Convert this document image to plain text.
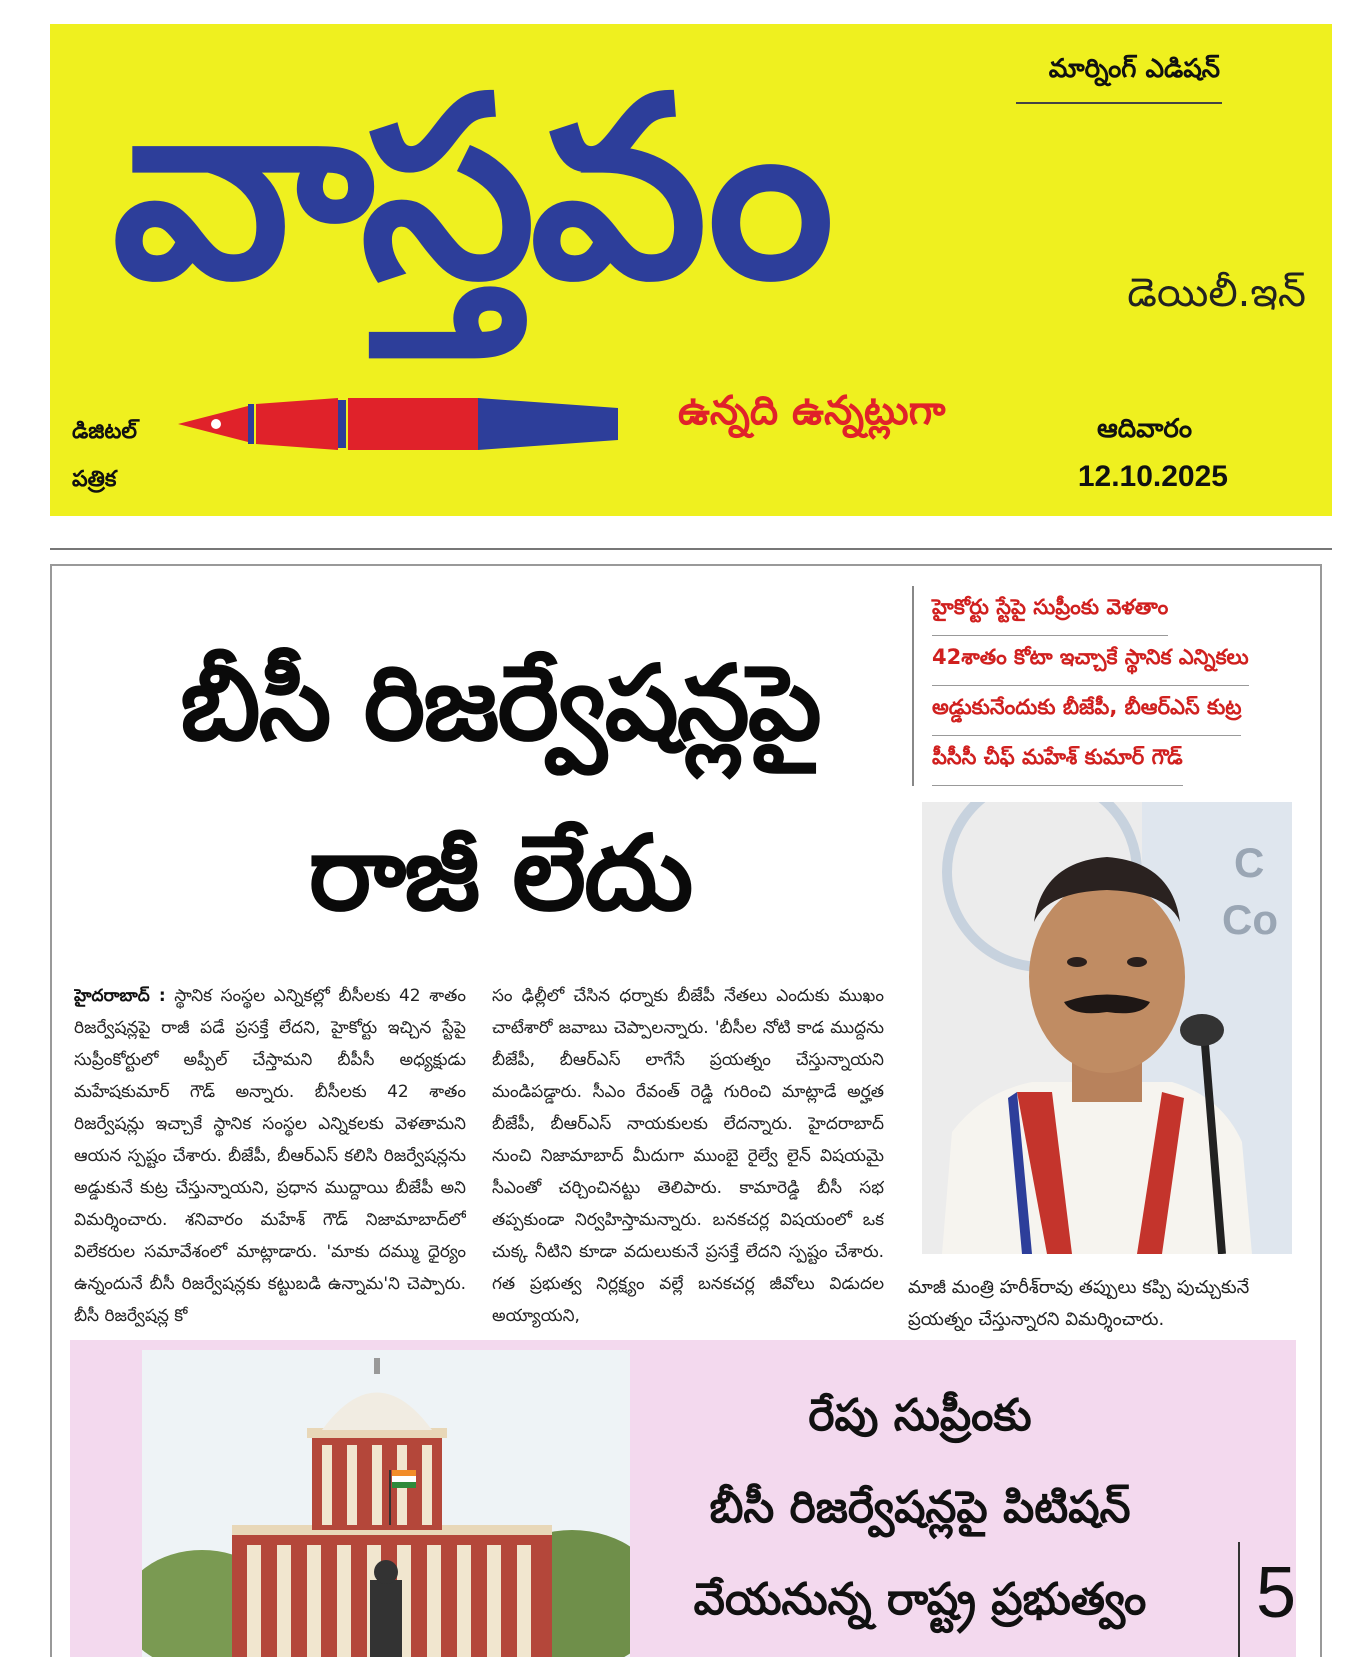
మార్నింగ్ ఎడిషన్
వాస్తవం	డెయిలీ.ఇన్
డిజిటల్
పత్రిక
ఉన్నది ఉన్నట్లుగా	ఆదివారం
12.10.2025
బీసీ రిజర్వేషన్లపై
రాజీ లేదు
హైకోర్టు స్టేపై సుప్రీంకు వెళతాం
42శాతం కోటా ఇచ్చాకే స్థానిక ఎన్నికలు
అడ్డుకునేందుకు బీజేపీ, బీఆర్ఎస్ కుట్ర
పీసీసీ చీఫ్ మహేశ్ కుమార్ గౌడ్
హైదరాబాద్ : స్థానిక సంస్థల ఎన్నికల్లో బీసీలకు 42 శాతం రిజర్వేషన్లపై రాజీ పడే ప్రసక్తే లేదని, హైకోర్టు ఇచ్చిన స్టేపై సుప్రీంకోర్టులో అప్పీల్ చేస్తామని బీపీసీ అధ్యక్షుడు మహేషకుమార్ గౌడ్ అన్నారు. బీసీలకు 42 శాతం రిజర్వేషన్లు ఇచ్చాకే స్థానిక సంస్థల ఎన్నికలకు వెళతామని ఆయన స్పష్టం చేశారు. బీజేపీ, బీఆర్ఎస్ కలిసి రిజర్వేషన్లను అడ్డుకునే కుట్ర చేస్తున్నాయని, ప్రధాన ముద్దాయి బీజేపీ అని విమర్శించారు. శనివారం మహేశ్ గౌడ్ నిజామాబాద్‌లో విలేకరుల సమావేశంలో మాట్లాడారు. 'మాకు దమ్ము ధైర్యం ఉన్నందునే బీసీ రిజర్వేషన్లకు కట్టుబడి ఉన్నామ'ని చెప్పారు. బీసీ రిజర్వేషన్ల కో
సం ఢిల్లీలో చేసిన ధర్నాకు బీజేపీ నేతలు ఎందుకు ముఖం చాటేశారో జవాబు చెప్పాలన్నారు. 'బీసీల నోటి కాడ ముద్దను బీజేపీ, బీఆర్ఎస్ లాగేసే ప్రయత్నం చేస్తున్నాయని మండిపడ్డారు. సీఎం రేవంత్ రెడ్డి గురించి మాట్లాడే అర్హత బీజేపీ, బీఆర్ఎస్ నాయకులకు లేదన్నారు. హైదరాబాద్ నుంచి నిజామాబాద్ మీదుగా ముంబై రైల్వే లైన్ విషయమై సీఎంతో చర్చించినట్టు తెలిపారు. కామారెడ్డి బీసీ సభ తప్పకుండా నిర్వహిస్తామన్నారు. బనకచర్ల విషయంలో ఒక చుక్క నీటిని కూడా వదులుకునే ప్రసక్తే లేదని స్పష్టం చేశారు. గత ప్రభుత్వ నిర్లక్ష్యం వల్లే బనకచర్ల జీవోలు విడుదల అయ్యాయని,
C
Co
మాజీ మంత్రి హరీశ్‌రావు తప్పులు కప్పి పుచ్చుకునే ప్రయత్నం చేస్తున్నారని విమర్శించారు.
రేపు సుప్రీంకు
బీసీ రిజర్వేషన్లపై పిటిషన్
వేయనున్న రాష్ట్ర ప్రభుత్వం	5
